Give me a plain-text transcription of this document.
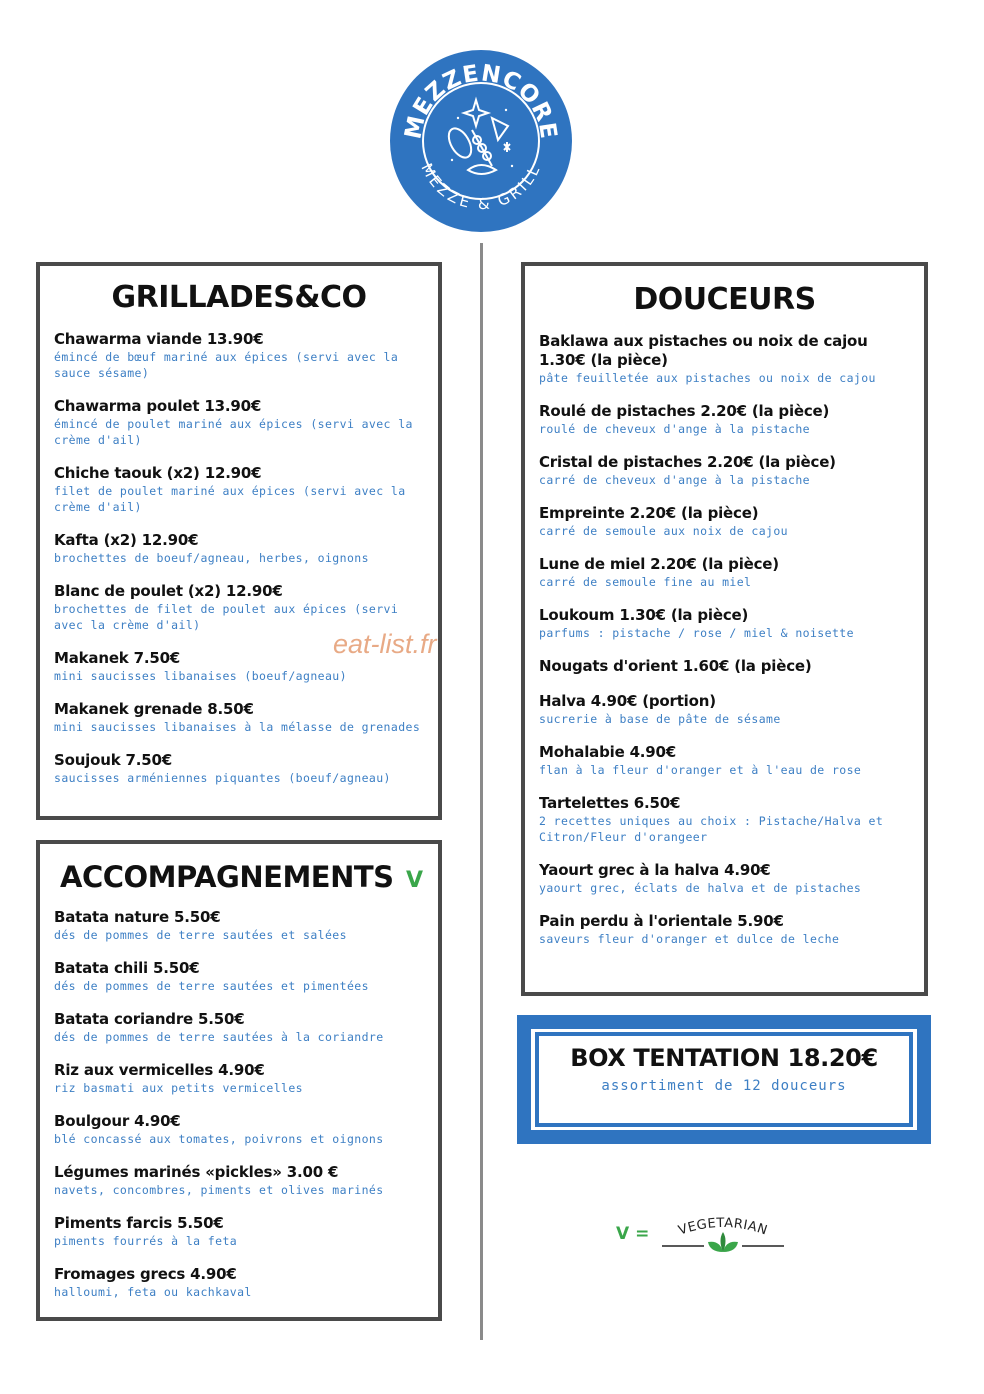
MEZZENCORE
MEZZE & GRILL
GRILLADES&CO
Chawarma viande 13.90€
émincé de bœuf mariné aux épices (servi avec la sauce sésame)
Chawarma poulet 13.90€
émincé de poulet mariné aux épices (servi avec la crème d'ail)
Chiche taouk (x2) 12.90€
filet de poulet mariné aux épices (servi avec la crème d'ail)
Kafta (x2) 12.90€
brochettes de boeuf/agneau, herbes, oignons
Blanc de poulet (x2) 12.90€
brochettes de filet de poulet aux épices (servi avec la crème d'ail)
Makanek 7.50€
mini saucisses libanaises (boeuf/agneau)
Makanek grenade 8.50€
mini saucisses libanaises à la mélasse de grenades
Soujouk 7.50€
saucisses arméniennes piquantes (boeuf/agneau)
eat-list.fr
ACCOMPAGNEMENTS V
Batata nature 5.50€
dés de pommes de terre sautées et salées
Batata chili 5.50€
dés de pommes de terre sautées et pimentées
Batata coriandre 5.50€
dés de pommes de terre sautées à la coriandre
Riz aux vermicelles 4.90€
riz basmati aux petits vermicelles
Boulgour 4.90€
blé concassé aux tomates, poivrons et oignons
Légumes marinés «pickles» 3.00 €
navets, concombres, piments et olives marinés
Piments farcis 5.50€
piments fourrés à la feta
Fromages grecs 4.90€
halloumi, feta ou kachkaval
DOUCEURS
Baklawa aux pistaches ou noix de cajou 1.30€ (la pièce)
pâte feuilletée aux pistaches ou noix de cajou
Roulé de pistaches 2.20€ (la pièce)
roulé de cheveux d'ange à la pistache
Cristal de pistaches 2.20€ (la pièce)
carré de cheveux d'ange à la pistache
Empreinte 2.20€ (la pièce)
carré de semoule aux noix de cajou
Lune de miel 2.20€ (la pièce)
carré de semoule fine au miel
Loukoum 1.30€ (la pièce)
parfums : pistache / rose / miel & noisette
Nougats d'orient 1.60€ (la pièce)
Halva 4.90€ (portion)
sucrerie à base de pâte de sésame
Mohalabie 4.90€
flan à la fleur d'oranger et à l'eau de rose
Tartelettes 6.50€
2 recettes uniques au choix : Pistache/Halva et Citron/Fleur d'orangeer
Yaourt grec à la halva 4.90€
yaourt grec, éclats de halva et de pistaches
Pain perdu à l'orientale 5.90€
saveurs fleur d'oranger et dulce de leche
BOX TENTATION 18.20€
assortiment de 12 douceurs
V = VEGETARIAN
